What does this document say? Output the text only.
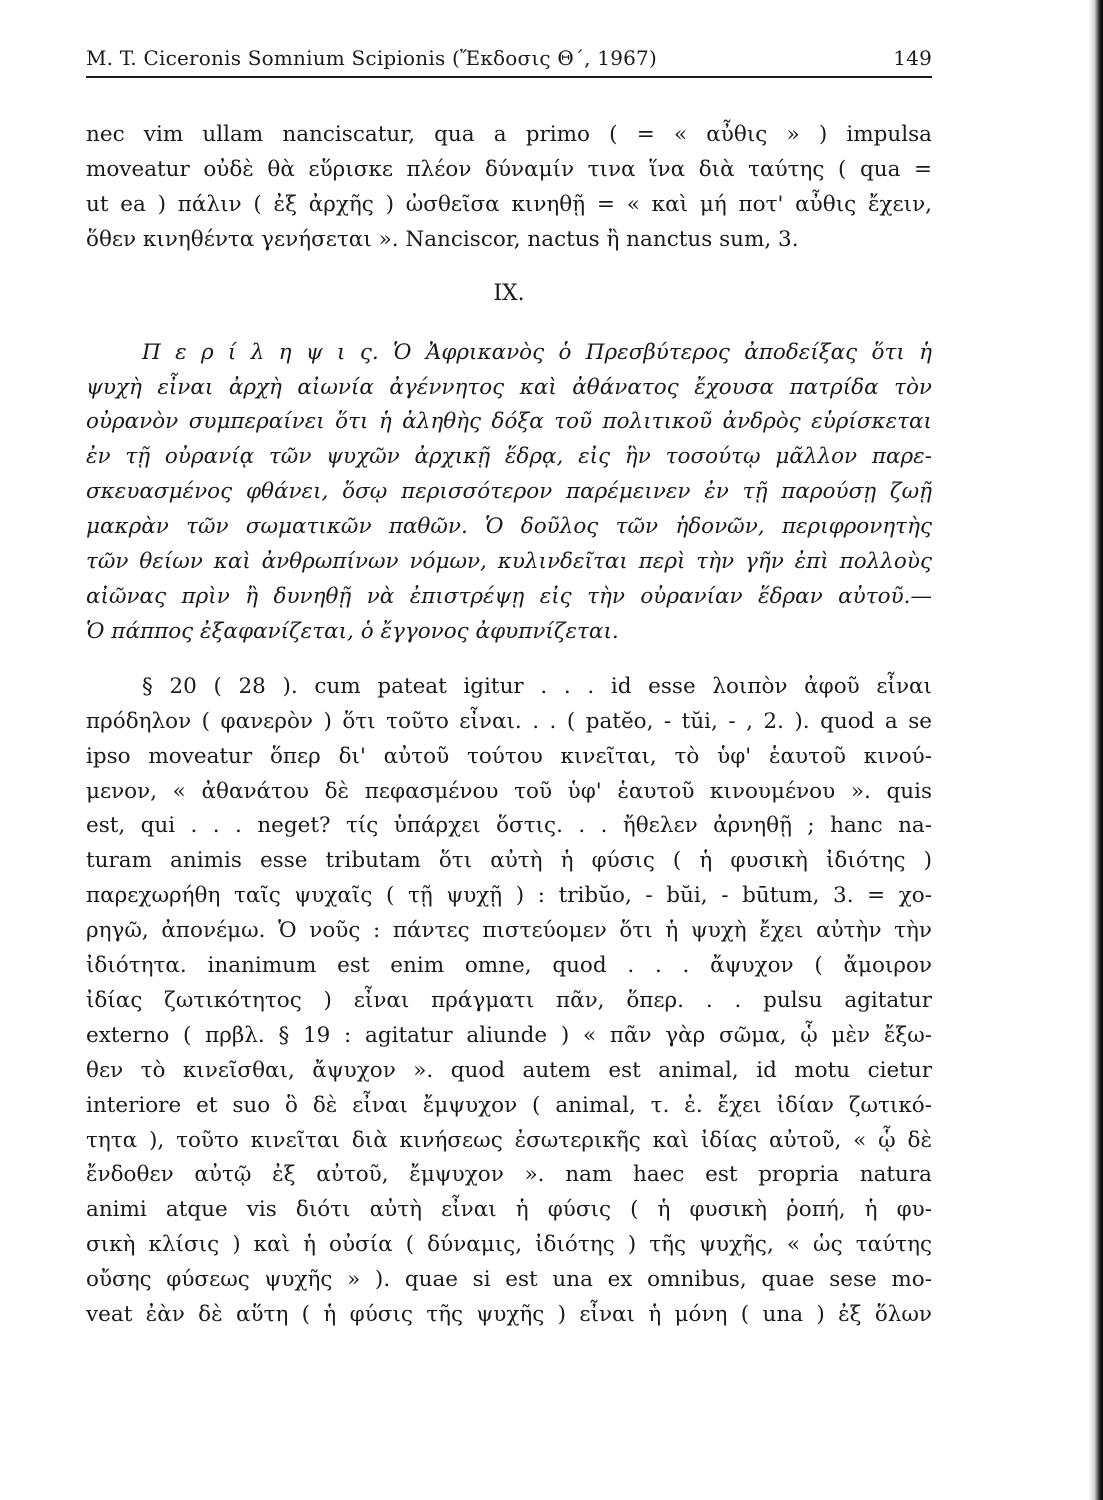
M. T. Ciceronis Somnium Scipionis (Ἔκδοσις Θ΄, 1967)	149
nec vim ullam nanciscatur, qua a primo ( = « αὖθις » ) impulsa
moveatur οὐδὲ θὰ εὕρισκε πλέον δύναμίν τινα ἵνα διὰ ταύτης ( qua =
ut ea ) πάλιν ( ἐξ ἀρχῆς ) ὠσθεῖσα κινηθῇ = « καὶ μή ποτ' αὖθις ἔχειν,
ὅθεν κινηθέντα γενήσεται ». Nanciscor, nactus ἢ nanctus sum, 3.
IX.
Π ε ρ ί λ η ψ ι ς. Ὁ Ἀφρικανὸς ὁ Πρεσβύτερος ἀποδείξας ὅτι ἡ
ψυχὴ εἶναι ἀρχὴ αἰωνία ἀγέννητος καὶ ἀθάνατος ἔχουσα πατρίδα τὸν
οὐρανὸν συμπεραίνει ὅτι ἡ ἀληθὴς δόξα τοῦ πολιτικοῦ ἀνδρὸς εὑρίσκεται
ἐν τῇ οὐρανίᾳ τῶν ψυχῶν ἀρχικῇ ἕδρᾳ, εἰς ἣν τοσούτῳ μᾶλλον παρε-
σκευασμένος φθάνει, ὅσῳ περισσότερον παρέμεινεν ἐν τῇ παρούσῃ ζωῇ
μακρὰν τῶν σωματικῶν παθῶν. Ὁ δοῦλος τῶν ἡδονῶν, περιφρονητὴς
τῶν θείων καὶ ἀνθρωπίνων νόμων, κυλινδεῖται περὶ τὴν γῆν ἐπὶ πολλοὺς
αἰῶνας πρὶν ἢ δυνηθῇ νὰ ἐπιστρέψῃ εἰς τὴν οὐρανίαν ἕδραν αὐτοῦ.—
Ὁ πάππος ἐξαφανίζεται, ὁ ἔγγονος ἀφυπνίζεται.
§ 20 ( 28 ). cum pateat igitur . . . id esse λοιπὸν ἀφοῦ εἶναι
πρόδηλον ( φανερὸν ) ὅτι τοῦτο εἶναι. . . ( patĕo, - tŭi, - , 2. ). quod a se
ipso moveatur ὅπερ δι' αὐτοῦ τούτου κινεῖται, τὸ ὑφ' ἑαυτοῦ κινού-
μενον, « ἀθανάτου δὲ πεφασμένου τοῦ ὑφ' ἑαυτοῦ κινουμένου ». quis
est, qui . . . neget? τίς ὑπάρχει ὅστις. . . ἤθελεν ἀρνηθῇ ; hanc na-
turam animis esse tributam ὅτι αὐτὴ ἡ φύσις ( ἡ φυσικὴ ἰδιότης )
παρεχωρήθη ταῖς ψυχαῖς ( τῇ ψυχῇ ) : tribŭo, - bŭi, - būtum, 3. = χο-
ρηγῶ, ἀπονέμω. Ὁ νοῦς : πάντες πιστεύομεν ὅτι ἡ ψυχὴ ἔχει αὐτὴν τὴν
ἰδιότητα. inanimum est enim omne, quod . . . ἄψυχον ( ἄμοιρον
ἰδίας ζωτικότητος ) εἶναι πράγματι πᾶν, ὅπερ. . . pulsu agitatur
externo ( πρβλ. § 19 : agitatur aliunde ) « πᾶν γὰρ σῶμα, ᾧ μὲν ἔξω-
θεν τὸ κινεῖσθαι, ἄψυχον ». quod autem est animal, id motu cietur
interiore et suo ὃ δὲ εἶναι ἔμψυχον ( animal, τ. ἐ. ἔχει ἰδίαν ζωτικό-
τητα ), τοῦτο κινεῖται διὰ κινήσεως ἐσωτερικῆς καὶ ἰδίας αὐτοῦ, « ᾧ δὲ
ἔνδοθεν αὐτῷ ἐξ αὐτοῦ, ἔμψυχον ». nam haec est propria natura
animi atque vis διότι αὐτὴ εἶναι ἡ φύσις ( ἡ φυσικὴ ῥοπή, ἡ φυ-
σικὴ κλίσις ) καὶ ἡ οὐσία ( δύναμις, ἰδιότης ) τῆς ψυχῆς, « ὡς ταύτης
οὔσης φύσεως ψυχῆς » ). quae si est una ex omnibus, quae sese mo-
veat ἐὰν δὲ αὕτη ( ἡ φύσις τῆς ψυχῆς ) εἶναι ἡ μόνη ( una ) ἐξ ὅλων
